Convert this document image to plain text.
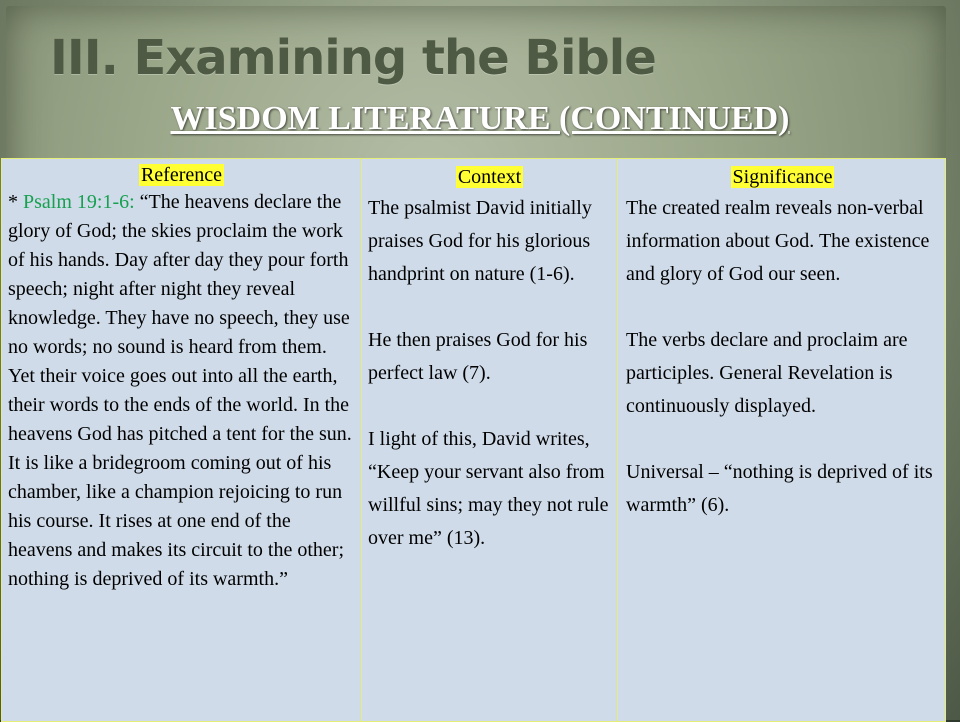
III. Examining the Bible
WISDOM LITERATURE (CONTINUED)

Reference

* Psalm 19:1-6: “The heavens declare the glory of God; the skies proclaim the work of his hands. Day after day they pour forth speech; night after night they reveal knowledge. They have no speech, they use no words; no sound is heard from them. Yet their voice goes out into all the earth, their words to the ends of the world. In the heavens God has pitched a tent for the sun. It is like a bridegroom coming out of his chamber, like a champion rejoicing to run his course. It rises at one end of the heavens and makes its circuit to the other; nothing is deprived of its warmth.”

Context

The psalmist David initially praises God for his glorious handprint on nature (1-6).

He then praises God for his perfect law (7).

I light of this, David writes, “Keep your servant also from willful sins; may they not rule over me” (13).

Significance

The created realm reveals non-verbal information about God. The existence and glory of God our seen.

The verbs declare and proclaim are participles. General Revelation is continuously displayed.

Universal – “nothing is deprived of its warmth” (6).
